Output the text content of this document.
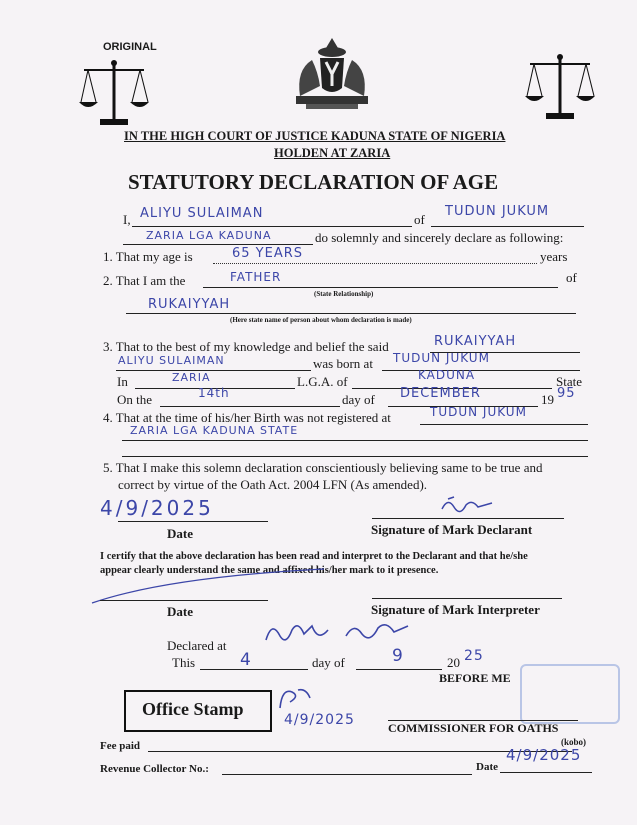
ORIGINAL
IN THE HIGH COURT OF JUSTICE KADUNA STATE OF NIGERIA
HOLDEN AT ZARIA
STATUTORY DECLARATION OF AGE
I, ALIYU SULAIMAN	of
TUDUN JUKUM
ZARIA LGA KADUNA	do solemnly and sincerely declare as following:
1. That my age is	65 YEARS	years
2. That I am the	FATHER	of
(State Relationship)
RUKAIYYAH
(Here state name of person about whom declaration is made)
3. That to the best of my knowledge and belief the said	RUKAIYYAH
ALIYU SULAIMAN	was born at TUDUN JUKUM
In	ZARIA	L.G.A. of	KADUNA	State
On the	14th	day of DECEMBER	19 95
4. That at the time of his/her Birth was not registered at	TUDUN JUKUM
ZARIA LGA KADUNA STATE
5. That I make this solemn declaration conscientiously believing same to be true and
correct by virtue of the Oath Act. 2004 LFN (As amended).
4/9/2025
Date	Signature of Mark Declarant
I certify that the above declaration has been read and interpret to the Declarant and that he/she
appear clearly understand the same and affixed his/her mark to it presence.
Date	Signature of Mark Interpreter
Declared at
This	4	day of	9	20 25
BEFORE ME
Office Stamp
4/9/2025	COMMISSIONER FOR OATHS
Fee paid	(kobo)
Revenue Collector No.:	Date
4/9/2025
